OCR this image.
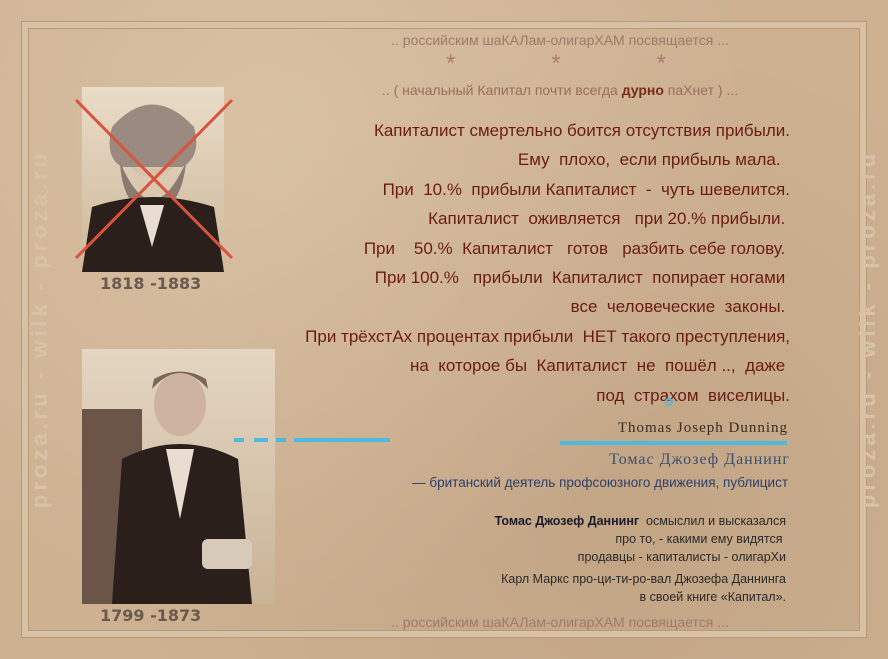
proza.ru - wilk - proza.ru	proza.ru - wilk - proza.ru
.. российским шаКАЛам-олигарХАМ посвящается ...
*	*	*
.. ( начальный Капитал почти всегда дурно паХнет ) ...
1818 -1883
1799 -1873
Капиталист смертельно боится отсутствия прибыли.
Ему  плохо,  если прибыль мала.
При  10.%  прибыли Капиталист  -  чуть шевелится.
Капиталист  оживляется   при 20.% прибыли.
При    50.%  Капиталист   готов   разбить себе голову.
При 100.%   прибыли  Капиталист  попирает ногами
все  человеческие  законы.
При трёхстАх процентах прибыли  НЕТ такого преступления,
на  которое бы  Капиталист  не  пошёл ..,  даже
под  страхом  виселицы.
Thomas Joseph Dunning
Томас Джозеф Даннинг
— британский деятель профсоюзного движения, публицист
Томас Джозеф Даннинг  осмыслил и высказался
про то, - какими ему видятся
продавцы - капиталисты - олигарХи
Карл Маркс про-ци-ти-ро-вал Джозефа Даннинга
в своей книге «Капитал».
.. российским шаКАЛам-олигарХАМ посвящается ...
